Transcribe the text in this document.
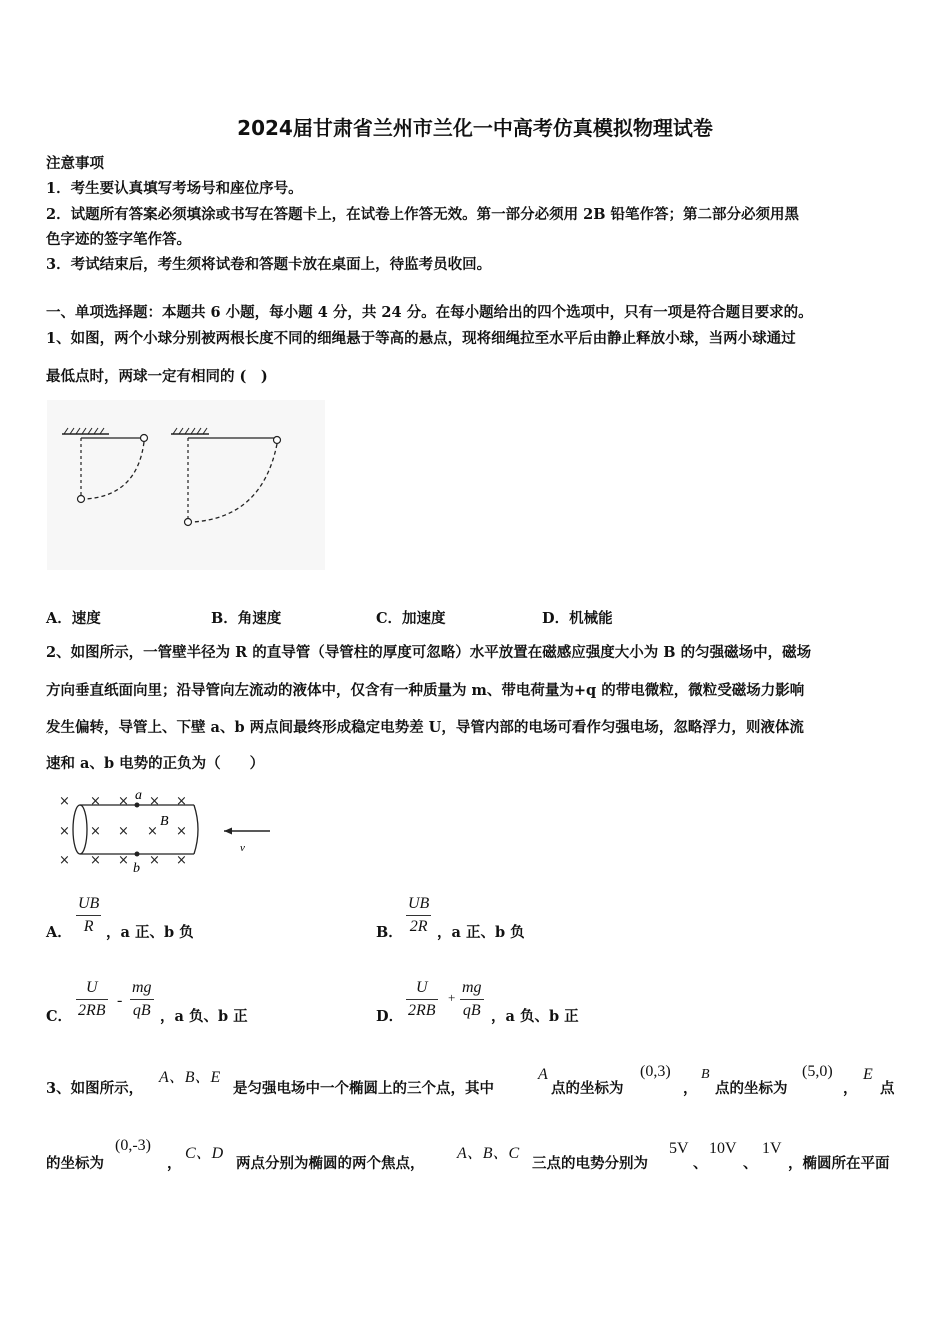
2024届甘肃省兰州市兰化一中高考仿真模拟物理试卷
注意事项
1．考生要认真填写考场号和座位序号。
2．试题所有答案必须填涂或书写在答题卡上，在试卷上作答无效。第一部分必须用 2B 铅笔作答；第二部分必须用黑
色字迹的签字笔作答。
3．考试结束后，考生须将试卷和答题卡放在桌面上，待监考员收回。
一、单项选择题：本题共 6 小题，每小题 4 分，共 24 分。在每小题给出的四个选项中，只有一项是符合题目要求的。
1、如图，两个小球分别被两根长度不同的细绳悬于等高的悬点，现将细绳拉至水平后由静止释放小球，当两小球通过
最低点时，两球一定有相同的 (　)
A．速度	B．角速度	C．加速度	D．机械能
2、如图所示，一管壁半径为 R 的直导管（导管柱的厚度可忽略）水平放置在磁感应强度大小为 B 的匀强磁场中，磁场
方向垂直纸面向里；沿导管向左流动的液体中，仅含有一种质量为 m、带电荷量为+q 的带电微粒，微粒受磁场力影响
发生偏转，导管上、下壁 a、b 两点间最终形成稳定电势差 U，导管内部的电场可看作匀强电场，忽略浮力，则液体流
速和 a、b 电势的正负为（　　）
× × × × ×
× × × × ×
× × × × ×
a
b
B
v
A．
UB
R ，a 正、b 负	B．
UB
2R ，a 正、b 负
C．
U
2RB
-
mg
qB ，a 负、b 正	D．
U
2RB
+
mg
qB ，a 负、b 正
3、如图所示，
A、B、E
是匀强电场中一个椭圆上的三个点，其中
A
点的坐标为
(0,3)
，
B
点的坐标为
(5,0)
，
E
点
的坐标为
(0,-3)
，
C、D
两点分别为椭圆的两个焦点，
A、B、C
三点的电势分别为
5V
、
10V
、
1V
，椭圆所在平面
